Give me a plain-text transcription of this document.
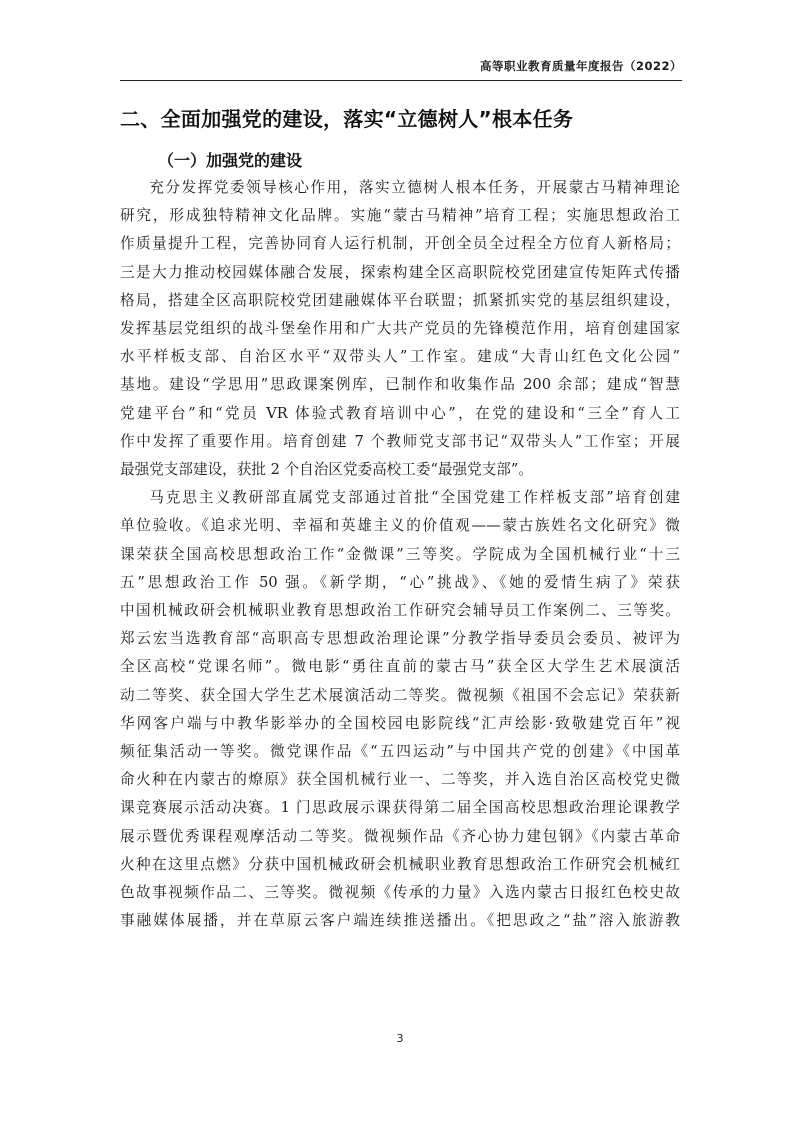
高等职业教育质量年度报告（2022）
二、全面加强党的建设，落实“立德树人”根本任务
（一）加强党的建设
充分发挥党委领导核心作用，落实立德树人根本任务，开展蒙古马精神理论
研究，形成独特精神文化品牌。实施“蒙古马精神”培育工程；实施思想政治工
作质量提升工程，完善协同育人运行机制，开创全员全过程全方位育人新格局；
三是大力推动校园媒体融合发展，探索构建全区高职院校党团建宣传矩阵式传播
格局，搭建全区高职院校党团建融媒体平台联盟；抓紧抓实党的基层组织建设，
发挥基层党组织的战斗堡垒作用和广大共产党员的先锋模范作用，培育创建国家
水平样板支部、自治区水平“双带头人”工作室。建成“大青山红色文化公园”
基地。建设“学思用”思政课案例库，已制作和收集作品 200 余部；建成“智慧
党建平台”和“党员 VR 体验式教育培训中心”，在党的建设和“三全”育人工
作中发挥了重要作用。培育创建 7 个教师党支部书记“双带头人”工作室；开展
最强党支部建设，获批 2 个自治区党委高校工委“最强党支部”。
马克思主义教研部直属党支部通过首批“全国党建工作样板支部”培育创建
单位验收。《追求光明、幸福和英雄主义的价值观——蒙古族姓名文化研究》微
课荣获全国高校思想政治工作“金微课”三等奖。学院成为全国机械行业“十三
五”思想政治工作 50 强。《新学期，“心”挑战》、《她的爱情生病了》荣获
中国机械政研会机械职业教育思想政治工作研究会辅导员工作案例二、三等奖。
郑云宏当选教育部“高职高专思想政治理论课”分教学指导委员会委员、被评为
全区高校“党课名师”。微电影“勇往直前的蒙古马”获全区大学生艺术展演活
动二等奖、获全国大学生艺术展演活动二等奖。微视频《祖国不会忘记》荣获新
华网客户端与中教华影举办的全国校园电影院线“汇声绘影·致敬建党百年”视
频征集活动一等奖。微党课作品《“五四运动”与中国共产党的创建》《中国革
命火种在内蒙古的燎原》获全国机械行业一、二等奖，并入选自治区高校党史微
课竞赛展示活动决赛。1 门思政展示课获得第二届全国高校思想政治理论课教学
展示暨优秀课程观摩活动二等奖。微视频作品《齐心协力建包钢》《内蒙古革命
火种在这里点燃》分获中国机械政研会机械职业教育思想政治工作研究会机械红
色故事视频作品二、三等奖。微视频《传承的力量》入选内蒙古日报红色校史故
事融媒体展播，并在草原云客户端连续推送播出。《把思政之“盐”溶入旅游教
3
